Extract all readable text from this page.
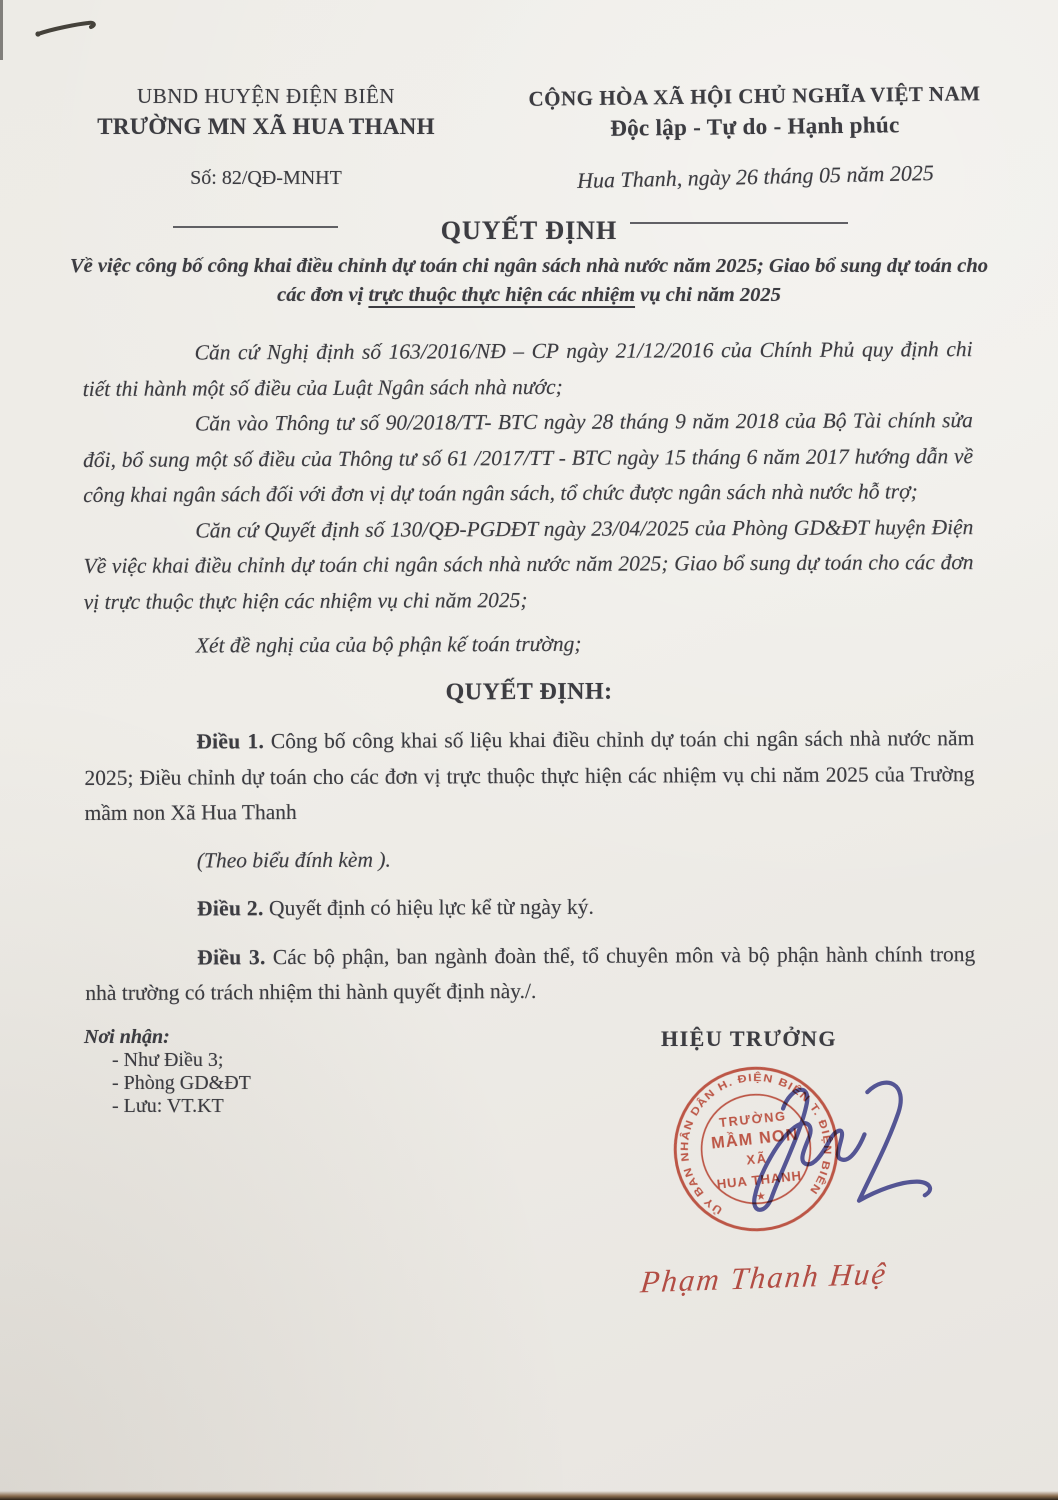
UBND HUYỆN ĐIỆN BIÊN
TRƯỜNG MN XÃ HUA THANH
Số: 82/QĐ-MNHT
CỘNG HÒA XÃ HỘI CHỦ NGHĨA VIỆT NAM
Độc lập - Tự do - Hạnh phúc
Hua Thanh, ngày 26 tháng 05 năm 2025
QUYẾT ĐỊNH
Về việc công bố công khai điều chỉnh dự toán chi ngân sách nhà nước năm 2025; Giao bổ sung dự toán cho các đơn vị trực thuộc thực hiện các nhiệm vụ chi năm 2025

Căn cứ Nghị định số 163/2016/NĐ – CP ngày 21/12/2016 của Chính Phủ quy định chi tiết thi hành một số điều của Luật Ngân sách nhà nước;

Căn vào Thông tư số 90/2018/TT- BTC ngày 28 tháng 9 năm 2018 của Bộ Tài chính sửa đổi, bổ sung một số điều của Thông tư số 61 /2017/TT - BTC ngày 15 tháng 6 năm 2017 hướng dẫn về công khai ngân sách đối với đơn vị dự toán ngân sách, tổ chức được ngân sách nhà nước hỗ trợ;

Căn cứ Quyết định số 130/QĐ-PGDĐT ngày 23/04/2025 của Phòng GD&ĐT huyện Điện Về việc khai điều chỉnh dự toán chi ngân sách nhà nước năm 2025; Giao bổ sung dự toán cho các đơn vị trực thuộc thực hiện các nhiệm vụ chi năm 2025;

Xét đề nghị của của bộ phận kế toán trường;

QUYẾT ĐỊNH:

Điều 1. Công bố công khai số liệu khai điều chỉnh dự toán chi ngân sách nhà nước năm 2025; Điều chỉnh dự toán cho các đơn vị trực thuộc thực hiện các nhiệm vụ chi năm 2025 của Trường mầm non Xã Hua Thanh

(Theo biểu đính kèm ).

Điều 2. Quyết định có hiệu lực kể từ ngày ký.

Điều 3. Các bộ phận, ban ngành đoàn thể, tổ chuyên môn và bộ phận hành chính trong nhà trường có trách nhiệm thi hành quyết định này./.

Nơi nhận:
- Như Điều 3;
- Phòng GD&ĐT
- Lưu: VT.KT
HIỆU TRƯỞNG
ỦY BAN NHÂN DÂN H. ĐIỆN BIÊN T. ĐIỆN BIÊN
TRƯỜNG
MẦM NON
XÃ
HUA THANH
★
Phạm Thanh Huệ
